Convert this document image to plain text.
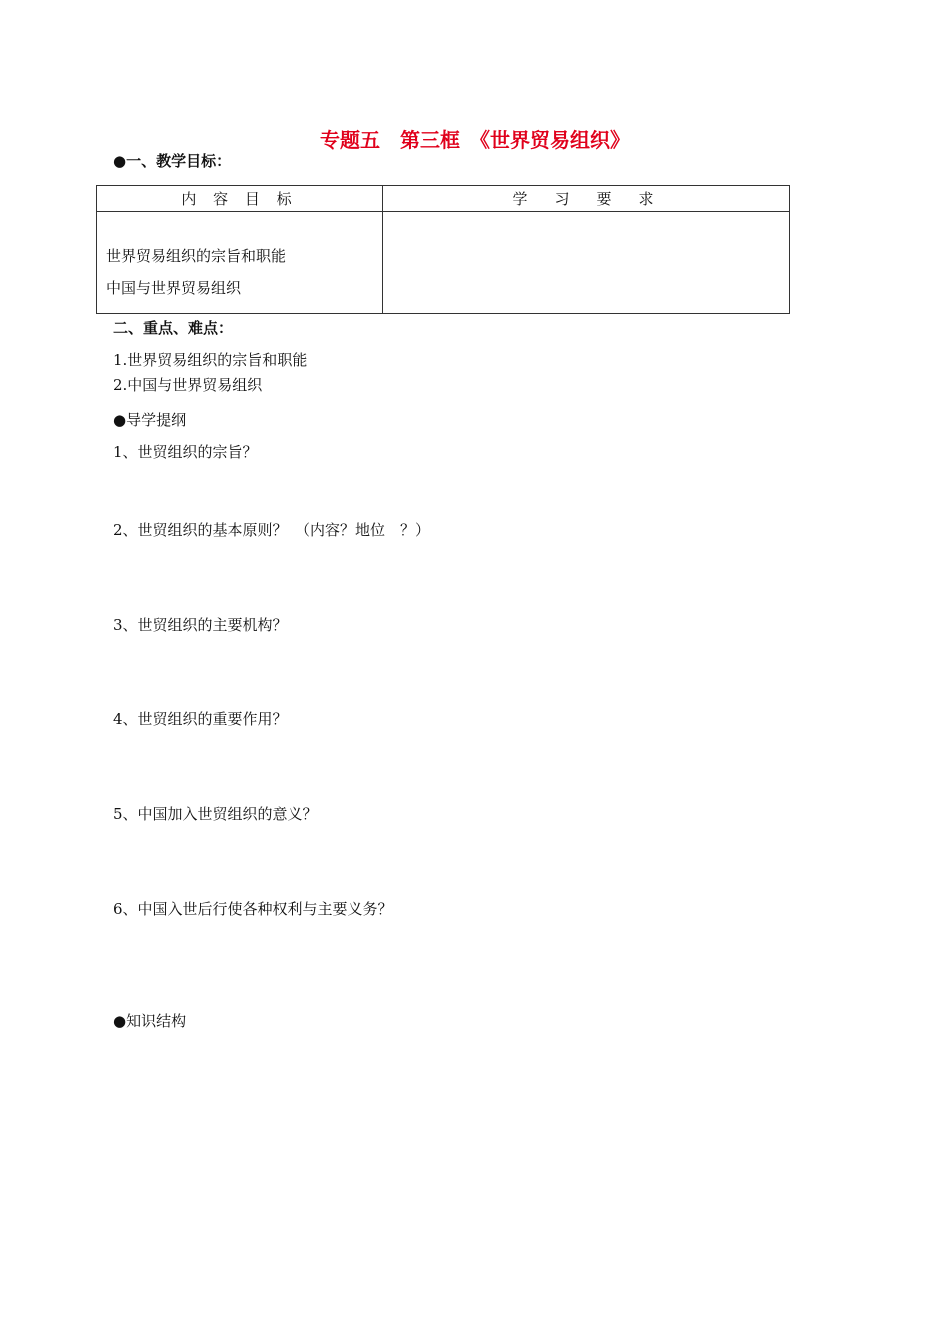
专题五　第三框　《世界贸易组织》
●一、教学目标：
内 容 目 标	学　习　要　求

世界贸易组织的宗旨和职能
中国与世界贸易组织	

二、重点、难点：
1.世界贸易组织的宗旨和职能
2.中国与世界贸易组织
●导学提纲
1、世贸组织的宗旨？
2、世贸组织的基本原则？　（内容？地位　？）
3、世贸组织的主要机构？
4、世贸组织的重要作用？
5、中国加入世贸组织的意义？
6、中国入世后行使各种权利与主要义务？
●知识结构
